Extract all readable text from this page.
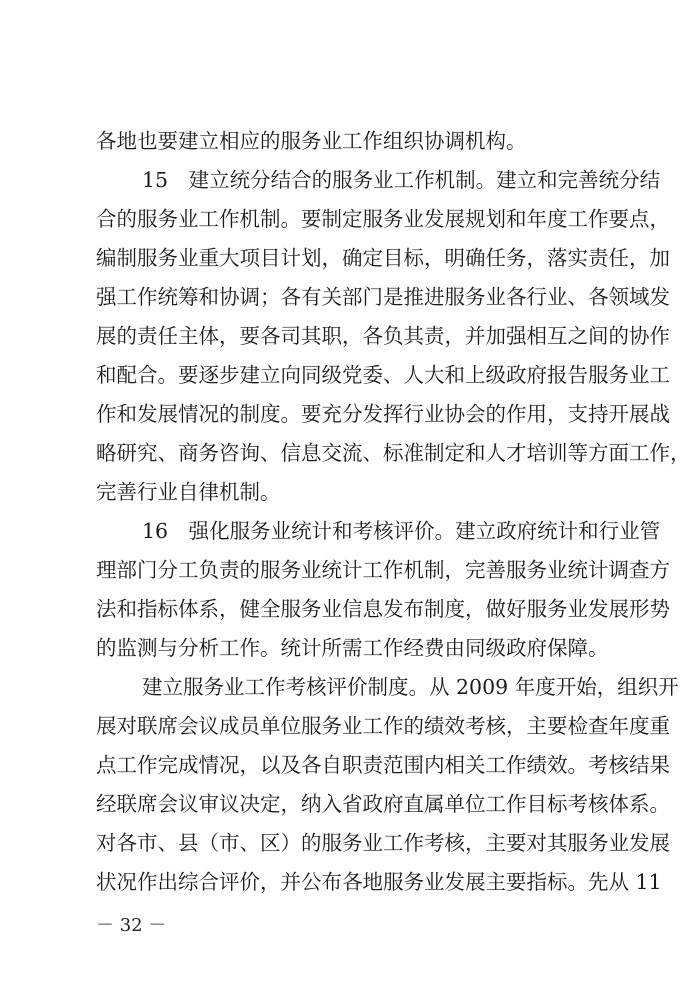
各地也要建立相应的服务业工作组织协调机构。
15　建立统分结合的服务业工作机制。建立和完善统分结
合的服务业工作机制。要制定服务业发展规划和年度工作要点，
编制服务业重大项目计划，确定目标，明确任务，落实责任，加
强工作统筹和协调；各有关部门是推进服务业各行业、各领域发
展的责任主体，要各司其职，各负其责，并加强相互之间的协作
和配合。要逐步建立向同级党委、人大和上级政府报告服务业工
作和发展情况的制度。要充分发挥行业协会的作用，支持开展战
略研究、商务咨询、信息交流、标准制定和人才培训等方面工作，
完善行业自律机制。
16　强化服务业统计和考核评价。建立政府统计和行业管
理部门分工负责的服务业统计工作机制，完善服务业统计调查方
法和指标体系，健全服务业信息发布制度，做好服务业发展形势
的监测与分析工作。统计所需工作经费由同级政府保障。
建立服务业工作考核评价制度。从 2009 年度开始，组织开
展对联席会议成员单位服务业工作的绩效考核，主要检查年度重
点工作完成情况，以及各自职责范围内相关工作绩效。考核结果
经联席会议审议决定，纳入省政府直属单位工作目标考核体系。
对各市、县（市、区）的服务业工作考核，主要对其服务业发展
状况作出综合评价，并公布各地服务业发展主要指标。先从 11
－ 32 －
